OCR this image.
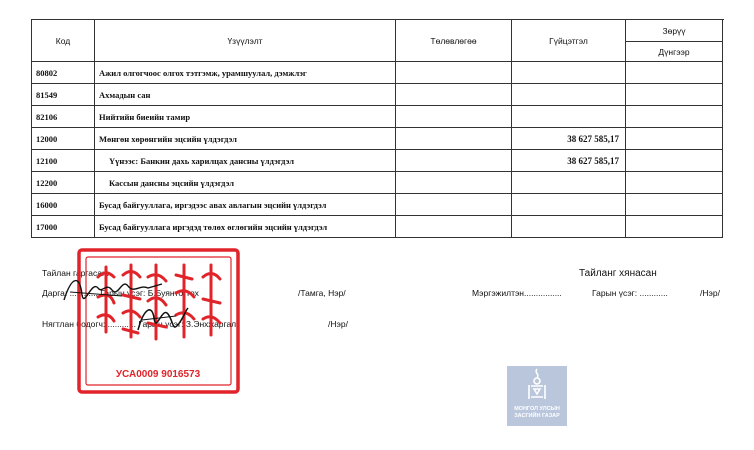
Код	Үзүүлэлт	Төлөвлөгөө	Гүйцэтгэл	Зөрүү	
				Дүнгээр	
80802	Ажил олгогчоос олгох тэтгэмж, урамшуулал, дэмжлэг				
81549	Ахмадын сан				
82106	Нийтийн биеийн тамир				
12000	Мөнгөн хөрөнгийн эцсийн үлдэгдэл		38 627 585,17		
12100	Үүнээс: Банкин дахь харилцах дансны үлдэгдэл		38 627 585,17		
12200	Кассын дансны эцсийн үлдэгдэл				
16000	Бусад байгууллага, иргэдээс авах авлагын эцсийн үлдэгдэл				
17000	Бусад байгууллага иргэдэд төлөх өглөгийн эцсийн үлдэгдэл				
Тайлан гаргасан:
Дарга: ............ Гарын үсэг: Б.Буянтогтох	/Тамга, Нэр/
Нягтлан бодогч: ............ Гарын үсэг: З.Энхжаргал	/Нэр/
Тайланг хянасан
Мэргэжилтэн................	Гарын үсэг: ............	/Нэр/
УСА0009 9016573
МОНГОЛ УЛСЫН
ЗАСГИЙН ГАЗАР
